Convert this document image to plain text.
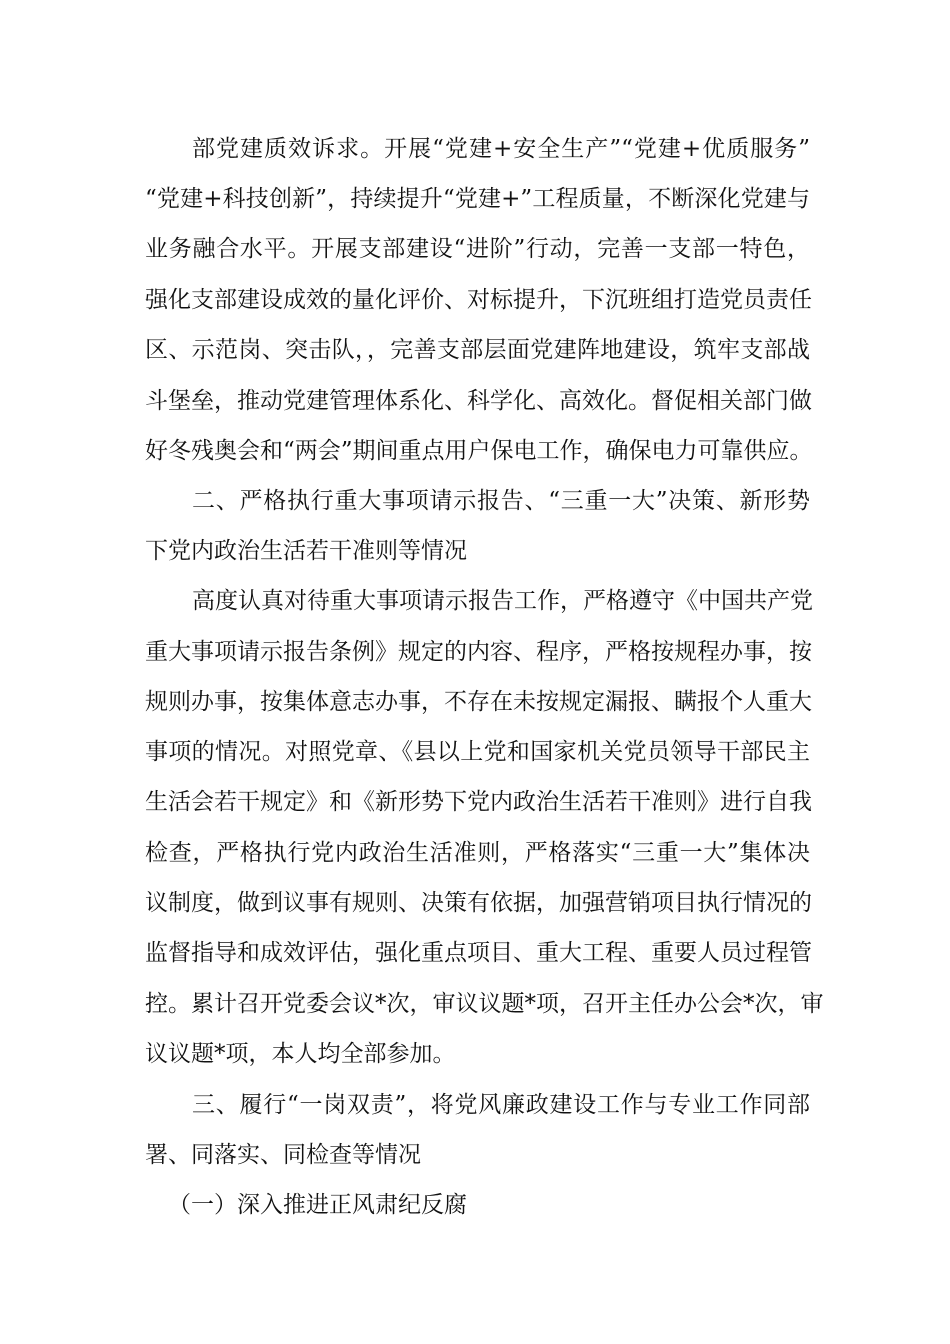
部党建质效诉求。开展“党建+安全生产”“党建+优质服务”
“党建+科技创新”，持续提升“党建+”工程质量，不断深化党建与
业务融合水平。开展支部建设“进阶”行动，完善一支部一特色，
强化支部建设成效的量化评价、对标提升，下沉班组打造党员责任
区、示范岗、突击队，，完善支部层面党建阵地建设，筑牢支部战
斗堡垒，推动党建管理体系化、科学化、高效化。督促相关部门做
好冬残奥会和“两会”期间重点用户保电工作，确保电力可靠供应。
二、严格执行重大事项请示报告、“三重一大”决策、新形势
下党内政治生活若干准则等情况
高度认真对待重大事项请示报告工作，严格遵守《中国共产党
重大事项请示报告条例》规定的内容、程序，严格按规程办事，按
规则办事，按集体意志办事，不存在未按规定漏报、瞒报个人重大
事项的情况。对照党章、《县以上党和国家机关党员领导干部民主
生活会若干规定》和《新形势下党内政治生活若干准则》进行自我
检查，严格执行党内政治生活准则，严格落实“三重一大”集体决
议制度，做到议事有规则、决策有依据，加强营销项目执行情况的
监督指导和成效评估，强化重点项目、重大工程、重要人员过程管
控。累计召开党委会议*次，审议议题*项，召开主任办公会*次，审
议议题*项，本人均全部参加。
三、履行“一岗双责”，将党风廉政建设工作与专业工作同部
署、同落实、同检查等情况
（一）深入推进正风肃纪反腐
